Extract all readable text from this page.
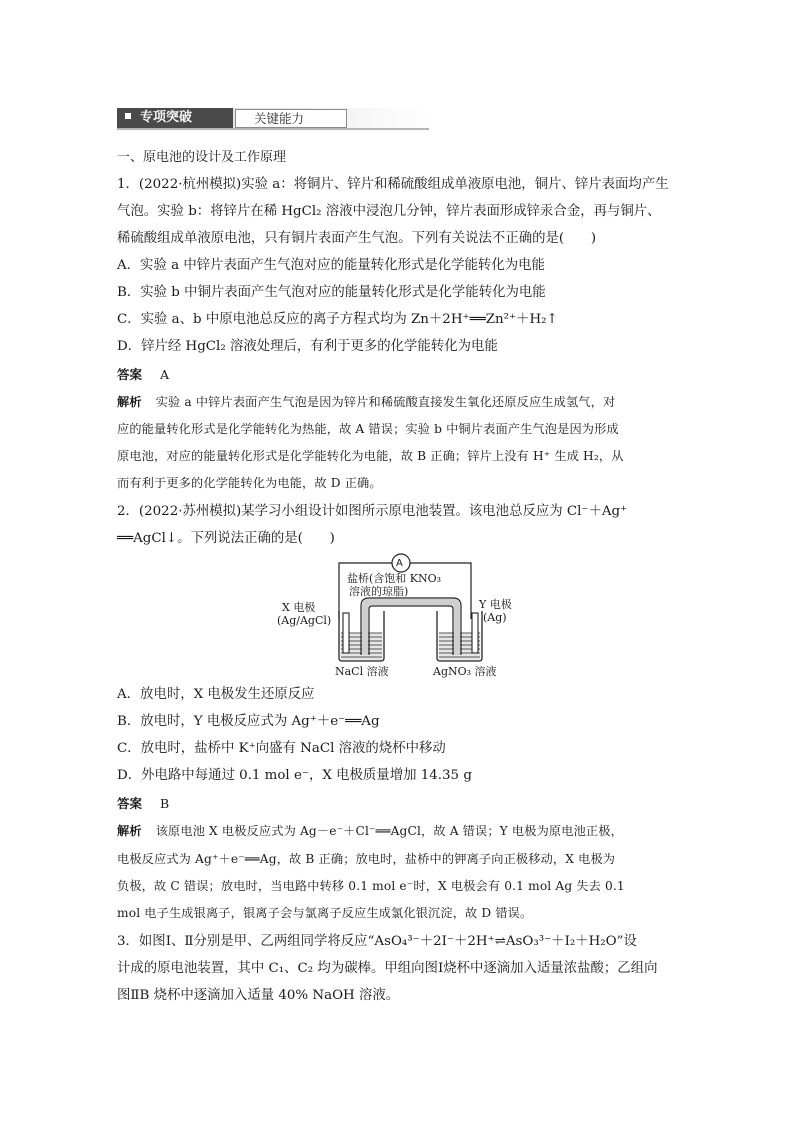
专项突破	关键能力
一、原电池的设计及工作原理
1．(2022·杭州模拟)实验 a：将铜片、锌片和稀硫酸组成单液原电池，铜片、锌片表面均产生
气泡。实验 b：将锌片在稀 HgCl₂ 溶液中浸泡几分钟，锌片表面形成锌汞合金，再与铜片、
稀硫酸组成单液原电池，只有铜片表面产生气泡。下列有关说法不正确的是(　　)
A．实验 a 中锌片表面产生气泡对应的能量转化形式是化学能转化为电能
B．实验 b 中铜片表面产生气泡对应的能量转化形式是化学能转化为电能
C．实验 a、b 中原电池总反应的离子方程式均为 Zn＋2H⁺══Zn²⁺＋H₂↑
D．锌片经 HgCl₂ 溶液处理后，有利于更多的化学能转化为电能
答案 A
解析 实验 a 中锌片表面产生气泡是因为锌片和稀硫酸直接发生氧化还原反应生成氢气，对
应的能量转化形式是化学能转化为热能，故 A 错误；实验 b 中铜片表面产生气泡是因为形成
原电池，对应的能量转化形式是化学能转化为电能，故 B 正确；锌片上没有 H⁺ 生成 H₂，从
而有利于更多的化学能转化为电能，故 D 正确。
2．(2022·苏州模拟)某学习小组设计如图所示原电池装置。该电池总反应为 Cl⁻＋Ag⁺
══AgCl↓。下列说法正确的是(　　)
A
盐桥(含饱和 KNO₃
溶液的琼脂)
X 电极
(Ag/AgCl)
Y 电极
(Ag)
NaCl 溶液	AgNO₃ 溶液
A．放电时，X 电极发生还原反应
B．放电时，Y 电极反应式为 Ag⁺＋e⁻══Ag
C．放电时，盐桥中 K⁺向盛有 NaCl 溶液的烧杯中移动
D．外电路中每通过 0.1 mol e⁻，X 电极质量增加 14.35 g
答案 B
解析 该原电池 X 电极反应式为 Ag－e⁻＋Cl⁻══AgCl，故 A 错误；Y 电极为原电池正极，
电极反应式为 Ag⁺＋e⁻══Ag，故 B 正确；放电时，盐桥中的钾离子向正极移动，X 电极为
负极，故 C 错误；放电时，当电路中转移 0.1 mol e⁻时，X 电极会有 0.1 mol Ag 失去 0.1
mol 电子生成银离子，银离子会与氯离子反应生成氯化银沉淀，故 D 错误。
3．如图Ⅰ、Ⅱ分别是甲、乙两组同学将反应“AsO₄³⁻＋2I⁻＋2H⁺⇌AsO₃³⁻＋I₂＋H₂O”设
计成的原电池装置，其中 C₁、C₂ 均为碳棒。甲组向图Ⅰ烧杯中逐滴加入适量浓盐酸；乙组向
图ⅡB 烧杯中逐滴加入适量 40% NaOH 溶液。
